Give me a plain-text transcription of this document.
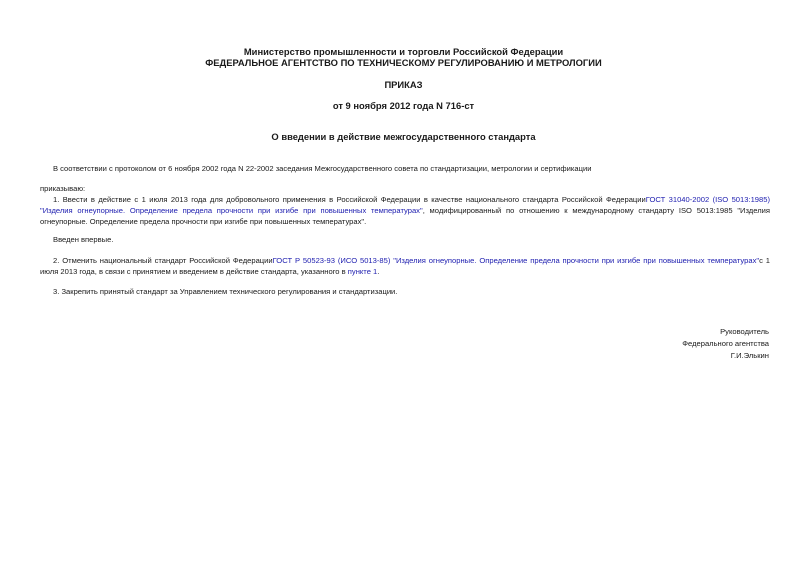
Министерство промышленности и торговли Российской Федерации
ФЕДЕРАЛЬНОЕ АГЕНТСТВО ПО ТЕХНИЧЕСКОМУ РЕГУЛИРОВАНИЮ И МЕТРОЛОГИИ
ПРИКАЗ
от 9 ноября 2012 года N 716-ст
О введении в действие межгосударственного стандарта
В соответствии с протоколом от 6 ноября 2002 года N 22-2002 заседания Межгосударственного совета по стандартизации, метрологии и сертификации
приказываю:
1. Ввести в действие с 1 июля 2013 года для добровольного применения в Российской Федерации в качестве национального стандарта Российской ФедерацииГОСТ 31040-2002 (ISO 5013:1985) "Изделия огнеупорные. Определение предела прочности при изгибе при повышенных температурах", модифицированный по отношению к международному стандарту ISO 5013:1985 "Изделия огнеупорные. Определение предела прочности при изгибе при повышенных температурах".
Введен впервые.
2. Отменить национальный стандарт Российской ФедерацииГОСТ Р 50523-93 (ИСО 5013-85) "Изделия огнеупорные. Определение предела прочности при изгибе при повышенных температурах"с 1 июля 2013 года, в связи с принятием и введением в действие стандарта, указанного в пункте 1.
3. Закрепить принятый стандарт за Управлением технического регулирования и стандартизации.
Руководитель
Федерального агентства
Г.И.Элькин
